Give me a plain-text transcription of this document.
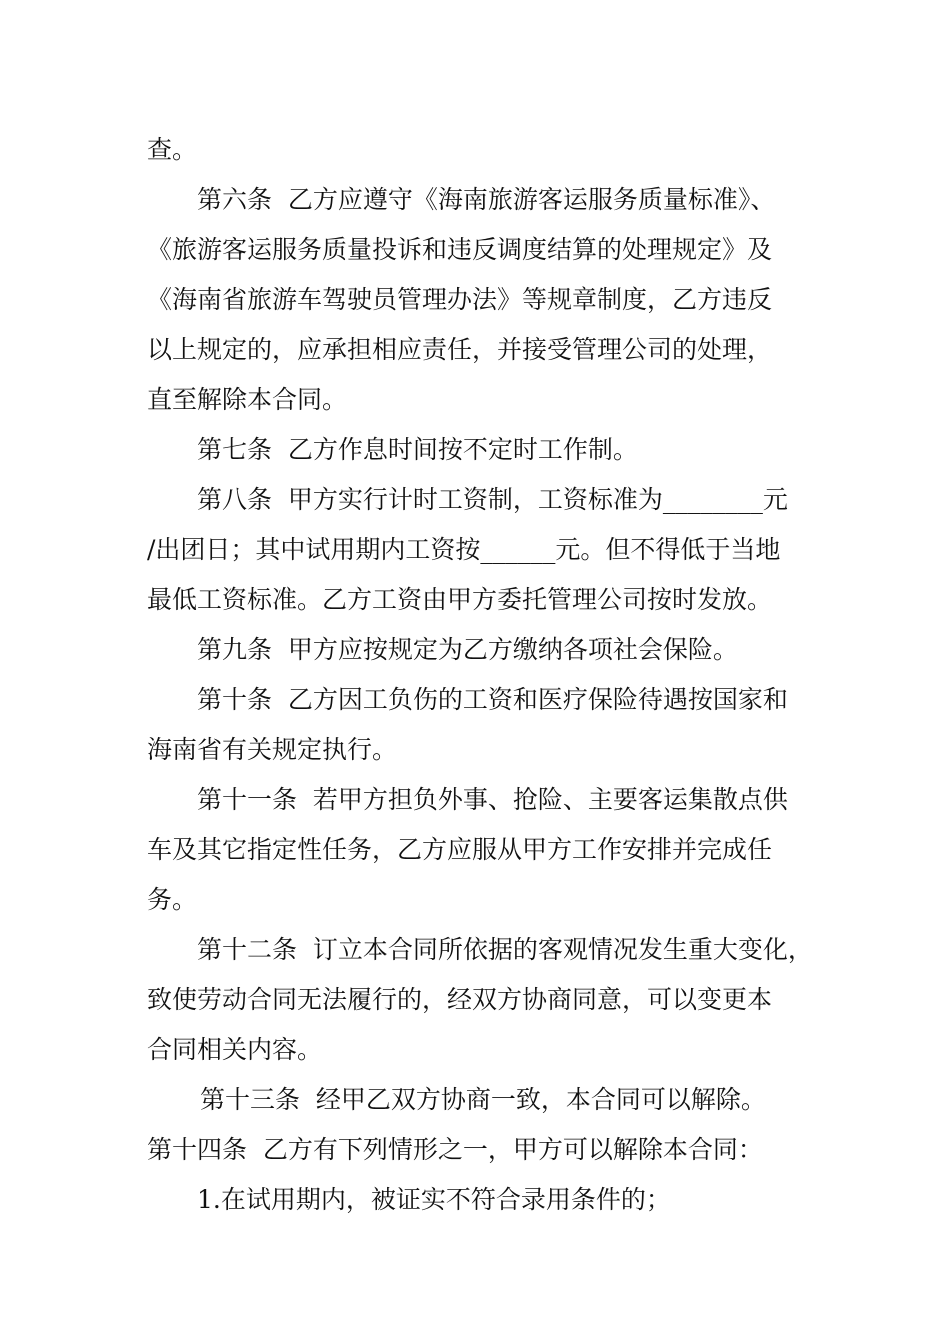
查。
第六条  乙方应遵守《海南旅游客运服务质量标准》、
《旅游客运服务质量投诉和违反调度结算的处理规定》及
《海南省旅游车驾驶员管理办法》等规章制度，乙方违反
以上规定的，应承担相应责任，并接受管理公司的处理，
直至解除本合同。
第七条  乙方作息时间按不定时工作制。
第八条  甲方实行计时工资制，工资标准为________元
/出团日；其中试用期内工资按______元。但不得低于当地
最低工资标准。乙方工资由甲方委托管理公司按时发放。
第九条  甲方应按规定为乙方缴纳各项社会保险。
第十条  乙方因工负伤的工资和医疗保险待遇按国家和
海南省有关规定执行。
第十一条  若甲方担负外事、抢险、主要客运集散点供
车及其它指定性任务，乙方应服从甲方工作安排并完成任
务。
第十二条  订立本合同所依据的客观情况发生重大变化，
致使劳动合同无法履行的，经双方协商同意，可以变更本
合同相关内容。
第十三条  经甲乙双方协商一致，本合同可以解除。
第十四条  乙方有下列情形之一，甲方可以解除本合同：
1.在试用期内，被证实不符合录用条件的；
